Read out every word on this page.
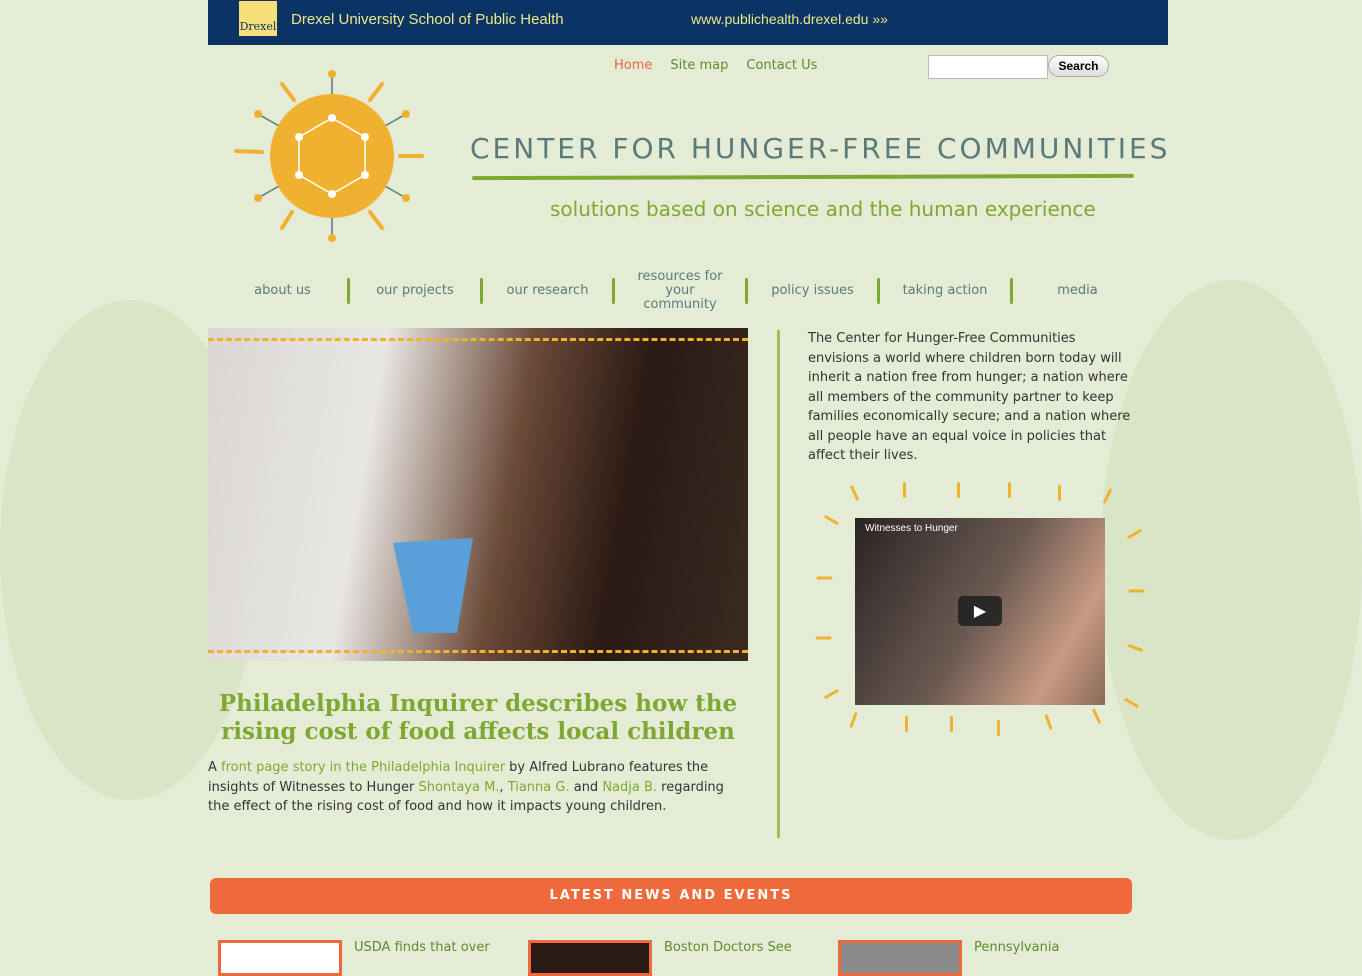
Drexel Drexel University School of Public Health	www.publichealth.drexel.edu »»
Home Site map Contact Us	Search
CENTER FOR HUNGER-FREE COMMUNITIES
solutions based on science and the human experience
about us	our projects	our research
resources for your community
policy issues	taking action	media
Philadelphia Inquirer describes how the rising cost of food affects local children
A front page story in the Philadelphia Inquirer by Alfred Lubrano features the insights of Witnesses to Hunger Shontaya M., Tianna G. and Nadja B. regarding the effect of the rising cost of food and how it impacts young children.
The Center for Hunger-Free Communities envisions a world where children born today will inherit a nation free from hunger; a nation where all members of the community partner to keep families economically secure; and a nation where all people have an equal voice in policies that affect their lives.
Witnesses to Hunger
▶
LATEST NEWS AND EVENTS
USDA finds that over	Boston Doctors See	Pennsylvania
